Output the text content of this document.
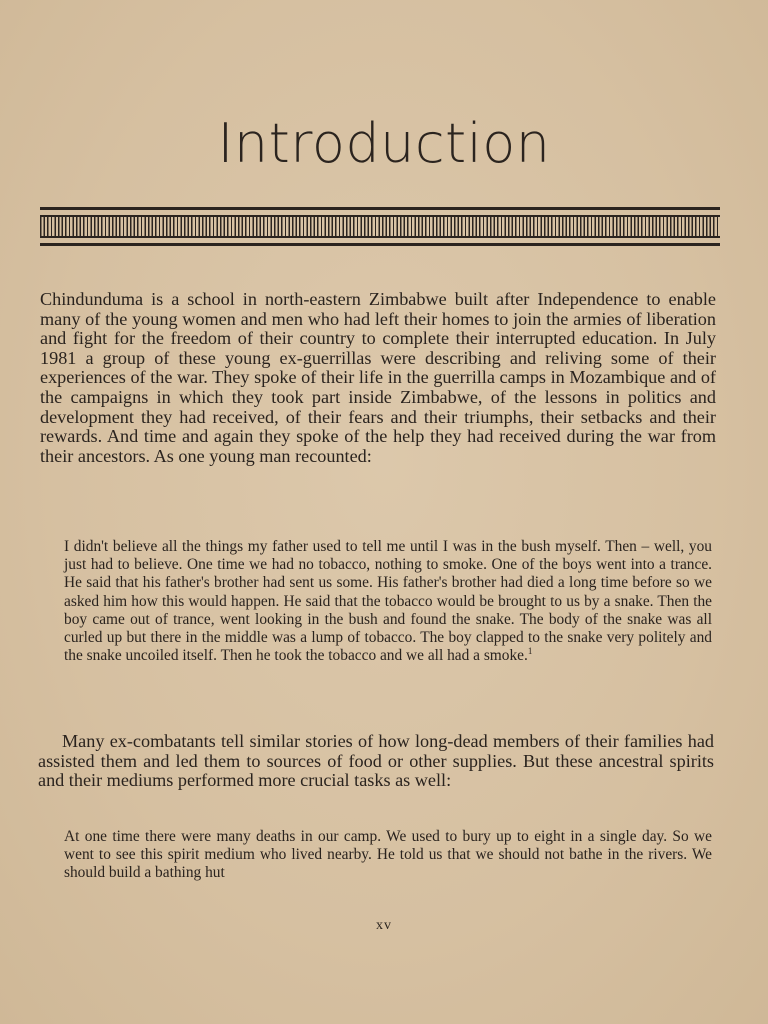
Introduction

Chindunduma is a school in north-eastern Zimbabwe built after Independence to enable many of the young women and men who had left their homes to join the armies of liberation and fight for the freedom of their country to complete their interrupted education. In July 1981 a group of these young ex-guerrillas were describing and reliving some of their experiences of the war. They spoke of their life in the guerrilla camps in Mozambique and of the campaigns in which they took part inside Zimbabwe, of the lessons in politics and development they had received, of their fears and their triumphs, their setbacks and their rewards. And time and again they spoke of the help they had received during the war from their ancestors. As one young man recounted:

I didn't believe all the things my father used to tell me until I was in the bush myself. Then – well, you just had to believe. One time we had no tobacco, nothing to smoke. One of the boys went into a trance. He said that his father's brother had sent us some. His father's brother had died a long time before so we asked him how this would happen. He said that the tobacco would be brought to us by a snake. Then the boy came out of trance, went looking in the bush and found the snake. The body of the snake was all curled up but there in the middle was a lump of tobacco. The boy clapped to the snake very politely and the snake uncoiled itself. Then he took the tobacco and we all had a smoke.$^1$

Many ex-combatants tell similar stories of how long-dead members of their families had assisted them and led them to sources of food or other supplies. But these ancestral spirits and their mediums performed more crucial tasks as well:

At one time there were many deaths in our camp. We used to bury up to eight in a single day. So we went to see this spirit medium who lived nearby. He told us that we should not bathe in the rivers. We should build a bathing hut

xv
